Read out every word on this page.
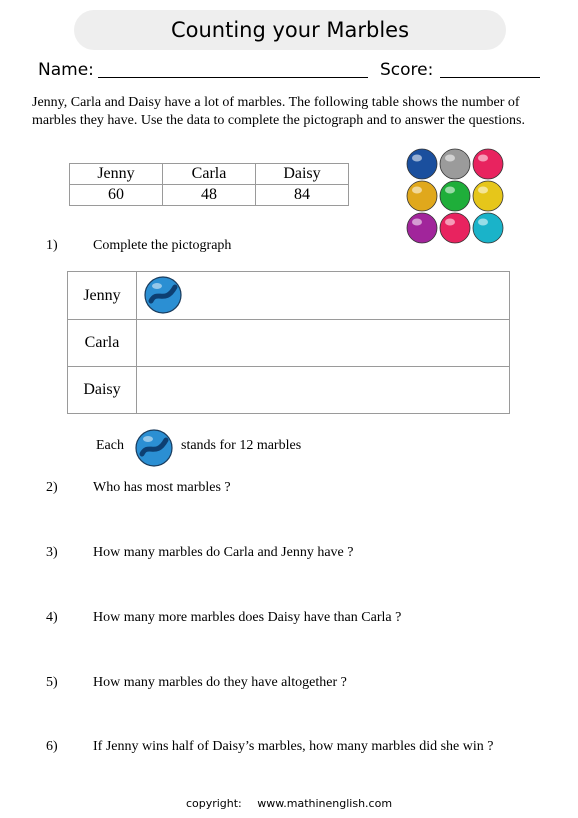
Counting your Marbles
Name:	Score:
Jenny, Carla and Daisy have a lot of marbles. The following table shows the number of marbles they have. Use the data to complete the pictograph and to answer the questions.
Jenny	Carla	Daisy
60	48	84
1)	Complete the pictograph
Jenny
Carla
Daisy
Each	stands for 12 marbles
2)	Who has most marbles ?
3)	How many marbles do Carla and Jenny have ?
4)	How many more marbles does Daisy have than Carla ?
5)	How many marbles do they have altogether ?
6)	If Jenny wins half of Daisy’s marbles, how many marbles did she win ?
copyright: www.mathinenglish.com
